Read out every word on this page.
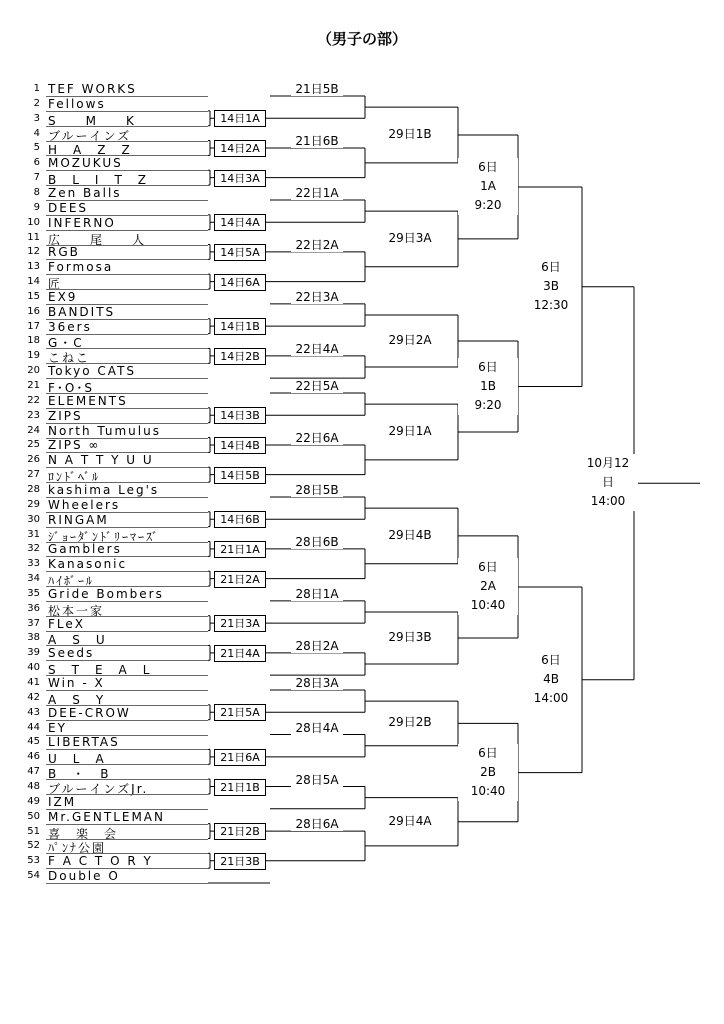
（男子の部）
1 TEF WORKS
2 Fellows
3 S　　M　　K
4 ブルーインズ
5 H　A　Z　Z
6 MOZUKUS
7 B　L　I　T　Z
8 Zen Balls
9 DEES
10 INFERNO
11 広　　尾　　人
12 RGB
13 Formosa
14 匠
15 EX9
16 BANDITS
17 36ers
18 G・C
19 こねこ
20 Tokyo CATS
21 F･O･S
22 ELEMENTS
23 ZIPS
24 North Tumulus
25 ZIPS ∞
26 N A T T Y U U
27 ﾛﾝﾄﾞﾍﾞﾙ
28 kashima Leg's
29 Wheelers
30 RINGAM
31 ｼﾞｮｰﾀﾞﾝﾄﾞﾘｰﾏｰｽﾞ
32 Gamblers
33 Kanasonic
34 ﾊｲﾎﾞｰﾙ
35 Gride Bombers
36 松本一家
37 FLeX
38 A　S　U
39 Seeds
40 S　T　E　A　L
41 Win - X
42 A　S　Y
43 DEE-CROW
44 EY
45 LIBERTAS
46 U　L　A
47 B　・　B
48 ブルーインズJr.
49 IZM
50 Mr.GENTLEMAN
51 喜　楽　会
52 ﾊﾟﾝﾅ公園
53 F A C T O R Y
54 Double O
14日1A
21日5B
14日2A
14日3A
21日6B	29日1B
14日4A
22日1A
14日5A
14日6A
22日2A	29日3A
6日
1A
9:20
14日1B
22日3A
14日2B
22日4A
29日2A
14日3B
22日5A
14日4B
14日5B
22日6A	29日1A
6日
1B
9:20
6日
3B
12:30
14日6B
28日5B
21日1A
21日2A
28日6B	29日4B
21日3A
28日1A
21日4A
28日2A
29日3B
6日
2A
10:40
21日5A
28日3A
21日6A
28日4A	29日2B
21日1B
28日5A
21日2B
21日3B
28日6A	29日4A
6日
2B
10:40
6日
4B
14:00
10月12
日
14:00
